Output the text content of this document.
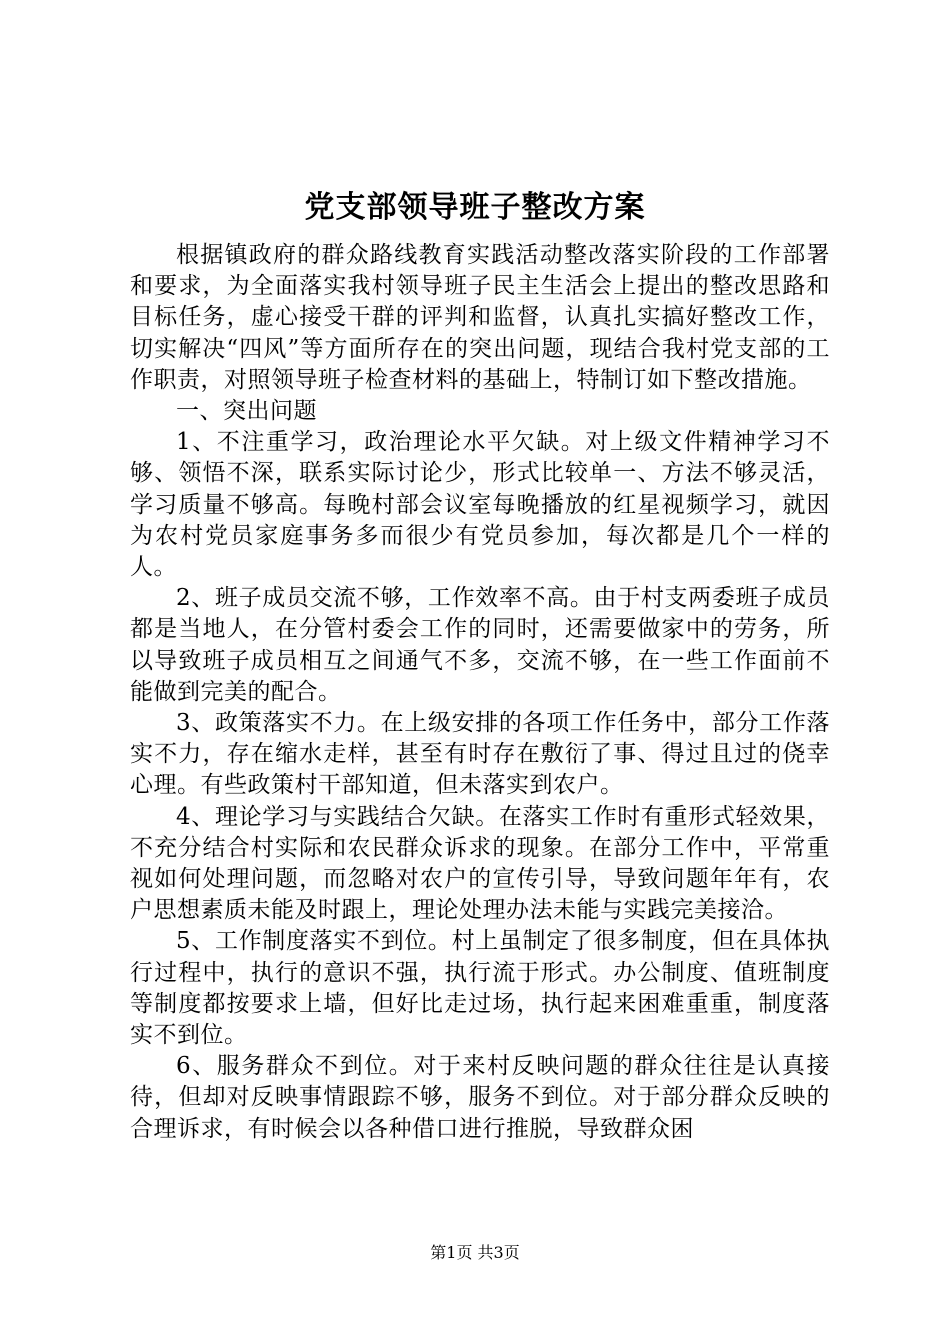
党支部领导班子整改方案

根据镇政府的群众路线教育实践活动整改落实阶段的工作部署和要求，为全面落实我村领导班子民主生活会上提出的整改思路和目标任务，虚心接受干群的评判和监督，认真扎实搞好整改工作，切实解决“四风”等方面所存在的突出问题，现结合我村党支部的工作职责，对照领导班子检查材料的基础上，特制订如下整改措施。

一、突出问题

1、不注重学习，政治理论水平欠缺。对上级文件精神学习不够、领悟不深，联系实际讨论少，形式比较单一、方法不够灵活，学习质量不够高。每晚村部会议室每晚播放的红星视频学习，就因为农村党员家庭事务多而很少有党员参加，每次都是几个一样的人。

2、班子成员交流不够，工作效率不高。由于村支两委班子成员都是当地人，在分管村委会工作的同时，还需要做家中的劳务，所以导致班子成员相互之间通气不多，交流不够，在一些工作面前不能做到完美的配合。

3、政策落实不力。在上级安排的各项工作任务中，部分工作落实不力，存在缩水走样，甚至有时存在敷衍了事、得过且过的侥幸心理。有些政策村干部知道，但未落实到农户。

4、理论学习与实践结合欠缺。在落实工作时有重形式轻效果，不充分结合村实际和农民群众诉求的现象。在部分工作中，平常重视如何处理问题，而忽略对农户的宣传引导，导致问题年年有，农户思想素质未能及时跟上，理论处理办法未能与实践完美接洽。

5、工作制度落实不到位。村上虽制定了很多制度，但在具体执行过程中，执行的意识不强，执行流于形式。办公制度、值班制度等制度都按要求上墙，但好比走过场，执行起来困难重重，制度落实不到位。

6、服务群众不到位。对于来村反映问题的群众往往是认真接待，但却对反映事情跟踪不够，服务不到位。对于部分群众反映的合理诉求，有时候会以各种借口进行推脱，导致群众困

第1页 共3页
